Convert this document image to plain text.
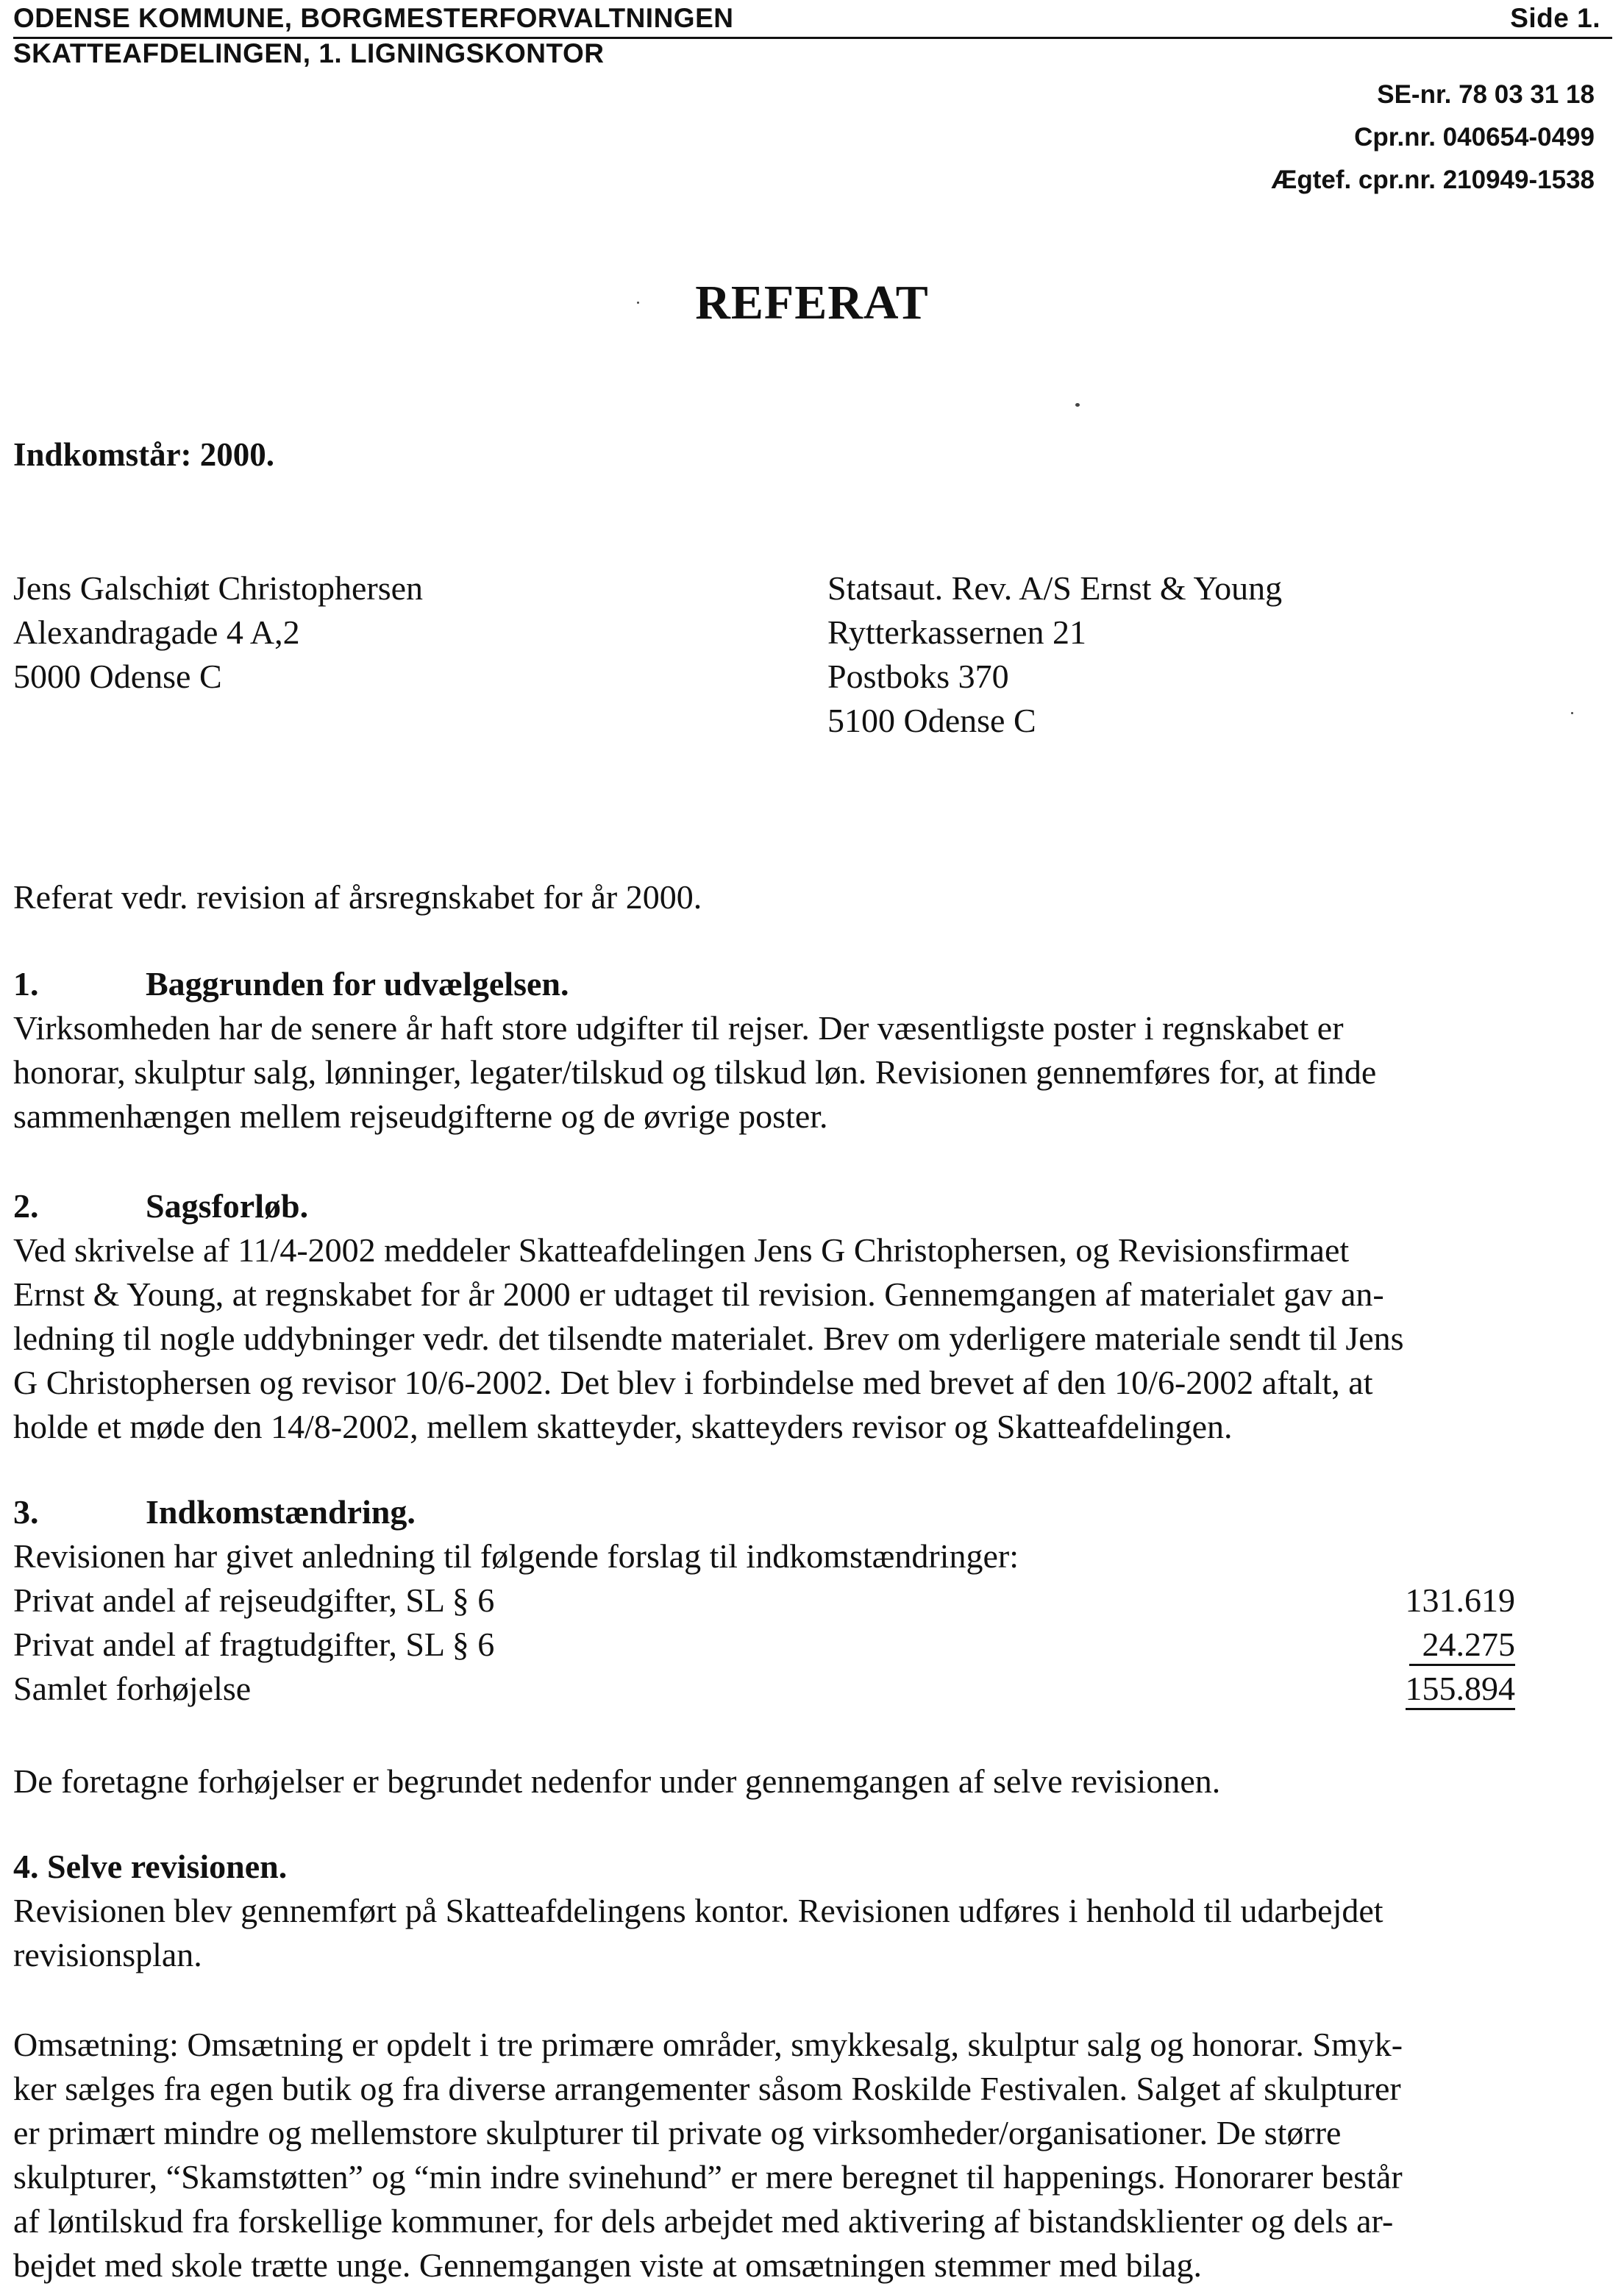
ODENSE KOMMUNE, BORGMESTERFORVALTNINGEN	Side 1.
SKATTEAFDELINGEN, 1. LIGNINGSKONTOR
SE-nr. 78 03 31 18
Cpr.nr. 040654-0499
Ægtef. cpr.nr. 210949-1538
REFERAT
Indkomstår: 2000.
Jens Galschiøt Christophersen
Alexandragade 4 A,2
5000 Odense C
Statsaut. Rev. A/S Ernst & Young
Rytterkassernen 21
Postboks 370
5100 Odense C
Referat vedr. revision af årsregnskabet for år 2000.

1.	Baggrunden for udvælgelsen.

Virksomheden har de senere år haft store udgifter til rejser. Der væsentligste poster i regnskabet er

honorar, skulptur salg, lønninger, legater/tilskud og tilskud løn. Revisionen gennemføres for, at finde

sammenhængen mellem rejseudgifterne og de øvrige poster.

2.	Sagsforløb.

Ved skrivelse af 11/4-2002 meddeler Skatteafdelingen Jens G Christophersen, og Revisionsfirmaet

Ernst & Young, at regnskabet for år 2000 er udtaget til revision. Gennemgangen af materialet gav an-

ledning til nogle uddybninger vedr. det tilsendte materialet. Brev om yderligere materiale sendt til Jens

G Christophersen og revisor 10/6-2002. Det blev i forbindelse med brevet af den 10/6-2002 aftalt, at

holde et møde den 14/8-2002, mellem skatteyder, skatteyders revisor og Skatteafdelingen.

3.	Indkomstændring.

Revisionen har givet anledning til følgende forslag til indkomstændringer:

Privat andel af rejseudgifter, SL § 6	131.619
Privat andel af fragtudgifter, SL § 6	24.275
Samlet forhøjelse	155.894
De foretagne forhøjelser er begrundet nedenfor under gennemgangen af selve revisionen.

4. Selve revisionen.

Revisionen blev gennemført på Skatteafdelingens kontor. Revisionen udføres i henhold til udarbejdet

revisionsplan.

Omsætning: Omsætning er opdelt i tre primære områder, smykkesalg, skulptur salg og honorar. Smyk-

ker sælges fra egen butik og fra diverse arrangementer såsom Roskilde Festivalen. Salget af skulpturer

er primært mindre og mellemstore skulpturer til private og virksomheder/organisationer. De større

skulpturer, “Skamstøtten” og “min indre svinehund” er mere beregnet til happenings. Honorarer består

af løntilskud fra forskellige kommuner, for dels arbejdet med aktivering af bistandsklienter og dels ar-

bejdet med skole trætte unge. Gennemgangen viste at omsætningen stemmer med bilag.
